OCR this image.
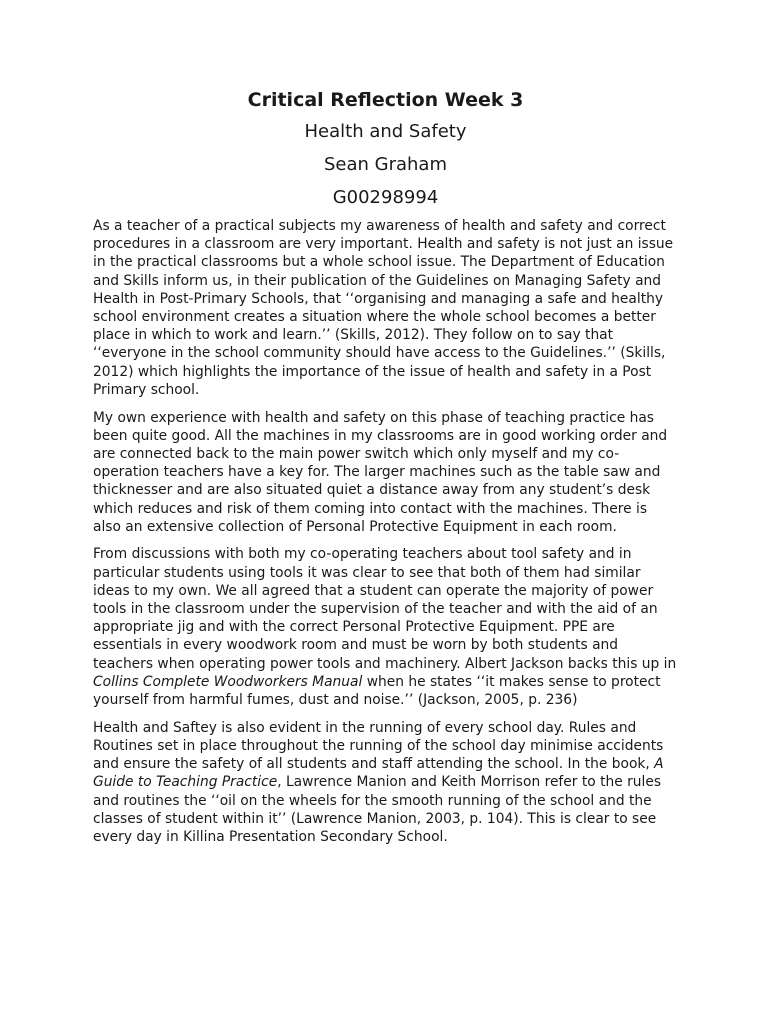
Critical Reflection Week 3
Health and Safety
Sean Graham
G00298994

As a teacher of a practical subjects my awareness of health and safety and correct procedures in a classroom are very important. Health and safety is not just an issue in the practical classrooms but a whole school issue. The Department of Education and Skills inform us, in their publication of the Guidelines on Managing Safety and Health in Post-Primary Schools, that ‘‘organising and managing a safe and healthy school environment creates a situation where the whole school becomes a better place in which to work and learn.’’ (Skills, 2012). They follow on to say that ‘‘everyone in the school community should have access to the Guidelines.’’ (Skills, 2012) which highlights the importance of the issue of health and safety in a Post Primary school.

My own experience with health and safety on this phase of teaching practice has been quite good. All the machines in my classrooms are in good working order and are connected back to the main power switch which only myself and my co-operation teachers have a key for. The larger machines such as the table saw and thicknesser and are also situated quiet a distance away from any student’s desk which reduces and risk of them coming into contact with the machines. There is also an extensive collection of Personal Protective Equipment in each room.

From discussions with both my co-operating teachers about tool safety and in particular students using tools it was clear to see that both of them had similar ideas to my own. We all agreed that a student can operate the majority of power tools in the classroom under the supervision of the teacher and with the aid of an appropriate jig and with the correct Personal Protective Equipment. PPE are essentials in every woodwork room and must be worn by both students and teachers when operating power tools and machinery. Albert Jackson backs this up in Collins Complete Woodworkers Manual when he states ‘‘it makes sense to protect yourself from harmful fumes, dust and noise.’’ (Jackson, 2005, p. 236)

Health and Saftey is also evident in the running of every school day. Rules and Routines set in place throughout the running of the school day minimise accidents and ensure the safety of all students and staff attending the school. In the book, A Guide to Teaching Practice, Lawrence Manion and Keith Morrison refer to the rules and routines the ‘‘oil on the wheels for the smooth running of the school and the classes of student within it’’ (Lawrence Manion, 2003, p. 104). This is clear to see every day in Killina Presentation Secondary School.
